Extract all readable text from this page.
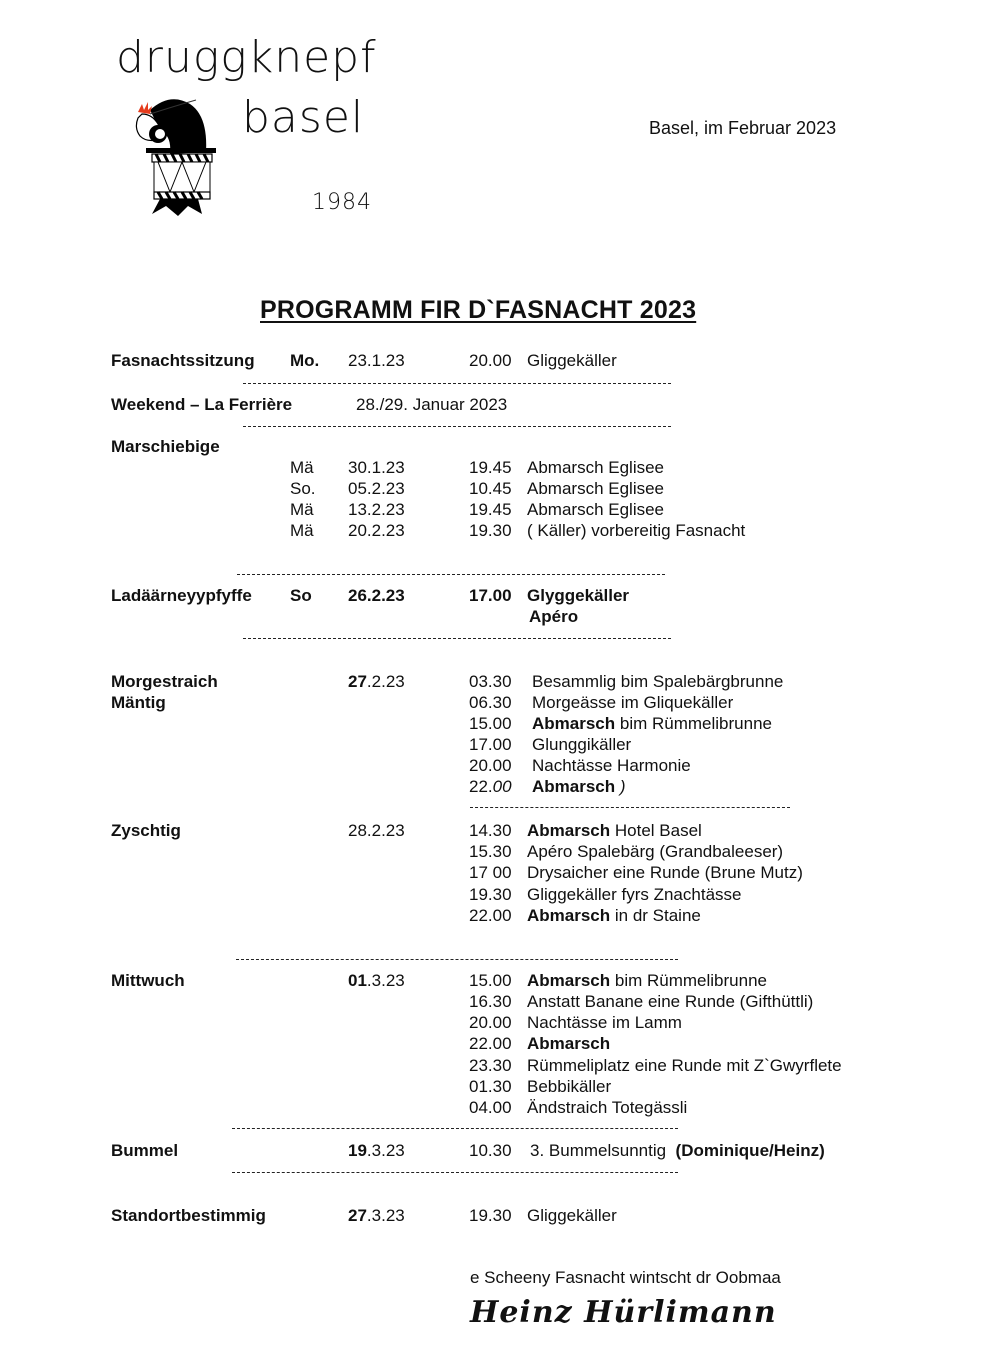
druggknepf
basel
1984
Basel, im Februar 2023
PROGRAMM FIR D`FASNACHT 2023
Fasnachtssitzung Mo. 23.1.23	20.00 Gliggekäller
Weekend – La Ferrière	28./29. Januar 2023
Marschiebige
Mä 30.1.23	19.45 Abmarsch Eglisee
So. 05.2.23	10.45 Abmarsch Eglisee
Mä 13.2.23	19.45 Abmarsch Eglisee
Mä 20.2.23	19.30 ( Käller) vorbereitig Fasnacht
Ladäärneyypfyffe So 26.2.23	17.00 Glyggekäller
Apéro
Morgestraich
Mäntig
27.2.23	03.30 Besammlig bim Spalebärgbrunne
06.30 Morgeässe im Gliquekäller
15.00 Abmarsch bim Rümmelibrunne
17.00 Glunggikäller
20.00 Nachtässe Harmonie
22.00 Abmarsch )
Zyschtig	28.2.23	14.30 Abmarsch Hotel Basel
15.30 Apéro Spalebärg (Grandbaleeser)
17 00 Drysaicher eine Runde (Brune Mutz)
19.30 Gliggekäller fyrs Znachtässe
22.00 Abmarsch in dr Staine
Mittwuch	01.3.23	15.00 Abmarsch bim Rümmelibrunne
16.30 Anstatt Banane eine Runde (Gifthüttli)
20.00 Nachtässe im Lamm
22.00 Abmarsch
23.30 Rümmeliplatz eine Runde mit Z`Gwyrflete
01.30 Bebbikäller
04.00 Ändstraich Totegässli
Bummel	19.3.23	10.30 3. Bummelsunntig (Dominique/Heinz)
Standortbestimmig	27.3.23	19.30 Gliggekäller
e Scheeny Fasnacht wintscht dr Oobmaa
Heinz Hürlimann
